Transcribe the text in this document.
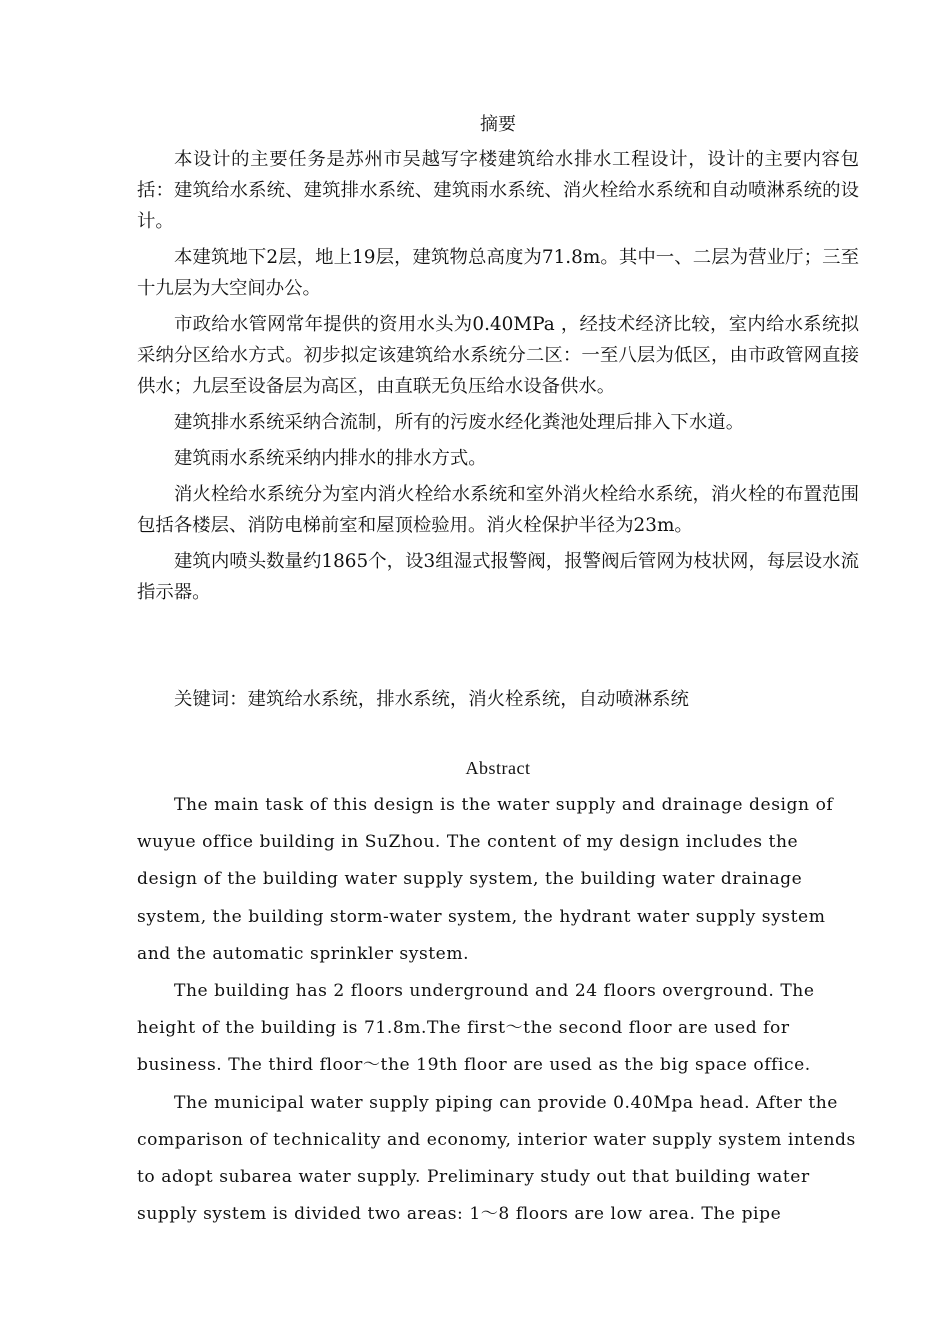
摘要

本设计的主要任务是苏州市吴越写字楼建筑给水排水工程设计，设计的主要内容包括：建筑给水系统、建筑排水系统、建筑雨水系统、消火栓给水系统和自动喷淋系统的设计。

本建筑地下2层，地上19层，建筑物总高度为71.8m。其中一、二层为营业厅；三至十九层为大空间办公。

市政给水管网常年提供的资用水头为0.40MPa ，经技术经济比较，室内给水系统拟采纳分区给水方式。初步拟定该建筑给水系统分二区：一至八层为低区，由市政管网直接供水；九层至设备层为高区，由直联无负压给水设备供水。

建筑排水系统采纳合流制，所有的污废水经化粪池处理后排入下水道。

建筑雨水系统采纳内排水的排水方式。

消火栓给水系统分为室内消火栓给水系统和室外消火栓给水系统，消火栓的布置范围包括各楼层、消防电梯前室和屋顶检验用。消火栓保护半径为23m。

建筑内喷头数量约1865个，设3组湿式报警阀，报警阀后管网为枝状网，每层设水流指示器。

关键词：建筑给水系统，排水系统，消火栓系统，自动喷淋系统

Abstract

The main task of this design is the water supply and drainage design of wuyue office building in SuZhou. The content of my design includes the design of the building water supply system, the building water drainage system, the building storm-water system, the hydrant water supply system and the automatic sprinkler system.

The building has 2 floors underground and 24 floors overground. The height of the building is 71.8m.The first～the second floor are used for business. The third floor～the 19th floor are used as the big space office.

The municipal water supply piping can provide 0.40Mpa head. After the comparison of technicality and economy, interior water supply system intends to adopt subarea water supply. Preliminary study out that building water supply system is divided two areas: 1～8 floors are low area. The pipe
